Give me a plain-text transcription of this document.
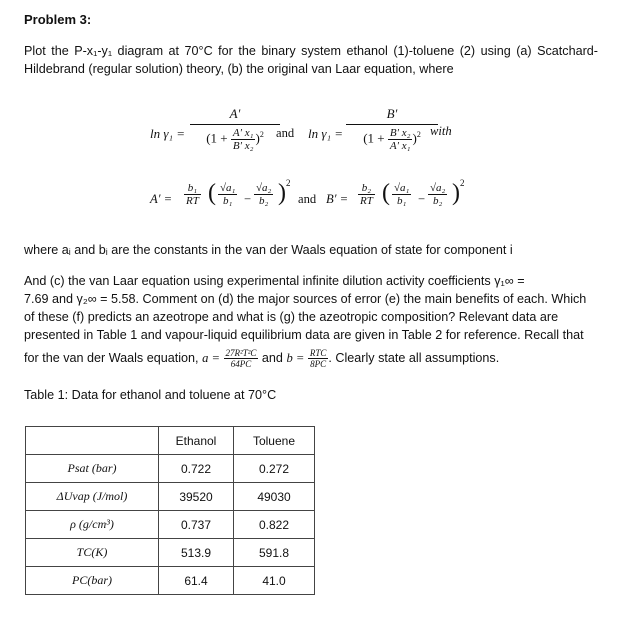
Problem 3:
Plot the P-x₁-y₁ diagram at 70°C for the binary system ethanol (1)-toluene (2) using (a) Scatchard-Hildebrand (regular solution) theory, (b) the original van Laar equation, where
ln γ₁ =
A′
$(1 + \frac{\text{A′ x₁}}{\text{B′ x₂}} )^2$ and ln γ₁ =
B′
$(1 + \frac{\text{B′ x₂}}{\text{A′ x₁}} )^2$ with
A′ =
b₁
RT ( √a₁
b₁ −
√a₂
b₂ ) 2
and B′ =
b₂
RT ( √a₁
b₁ −
√a₂
b₂ ) 2
where aᵢ and bᵢ are the constants in the van der Waals equation of state for component i
And (c) the van Laar equation using experimental infinite dilution activity coefficients γ₁∞ =
7.69 and γ₂∞ = 5.58. Comment on (d) the major sources of error (e) the main benefits of each. Which
of these (f) predicts an azeotrope and what is (g) the azeotropic composition? Relevant data are
presented in Table 1 and vapour-liquid equilibrium data are given in Table 2 for reference. Recall that
for the van der Waals equation, $a = \frac{\text{27R²T²C}}{64PC}$ and $b = \frac{\text{RTC}}{8PC}$ . Clearly state all assumptions.
Table 1: Data for ethanol and toluene at 70°C
	Ethanol	Toluene
Psat (bar)	0.722	0.272
ΔUvap (J/mol)	39520	49030
ρ (g/cm³)	0.737	0.822
TC(K)	513.9	591.8
PC(bar)	61.4	41.0
